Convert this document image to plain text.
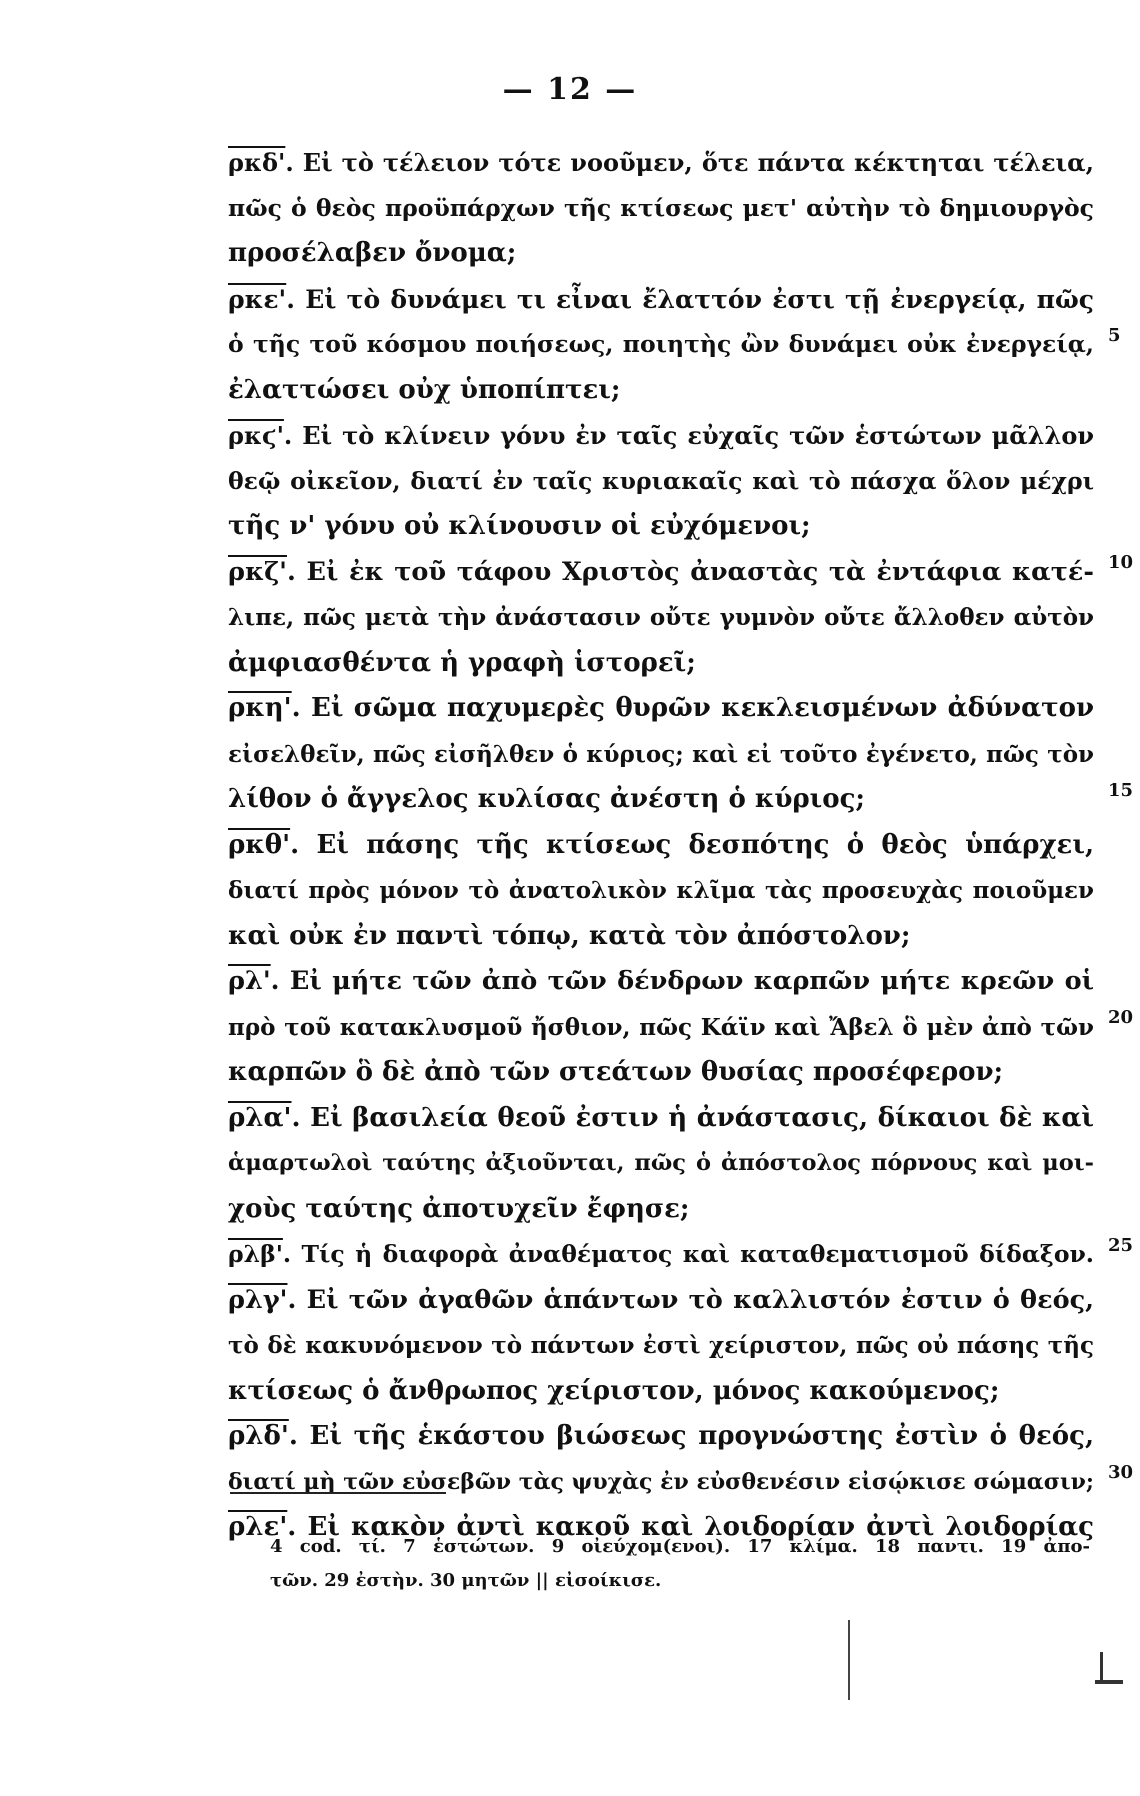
— 12 —
ρκδ'. Εἰ τὸ τέλειον τότε νοοῦμεν, ὅτε πάντα κέκτηται τέλεια,
πῶς ὁ θεὸς προϋπάρχων τῆς κτίσεως μετ' αὐτὴν τὸ δημιουργὸς
προσέλαβεν ὄνομα;
ρκε'. Εἰ τὸ δυνάμει τι εἶναι ἔλαττόν ἐστι τῇ ἐνεργείᾳ, πῶς
ὁ τῆς τοῦ κόσμου ποιήσεως, ποιητὴς ὢν δυνάμει οὐκ ἐνεργείᾳ,
ἐλαττώσει οὐχ ὑποπίπτει;
ρκϛ'. Εἰ τὸ κλίνειν γόνυ ἐν ταῖς εὐχαῖς τῶν ἑστώτων μᾶλλον
θεῷ οἰκεῖον, διατί ἐν ταῖς κυριακαῖς καὶ τὸ πάσχα ὅλον μέχρι
τῆς ν' γόνυ οὐ κλίνουσιν οἱ εὐχόμενοι;
ρκζ'. Εἰ ἐκ τοῦ τάφου Χριστὸς ἀναστὰς τὰ ἐντάφια κατέ-
λιπε, πῶς μετὰ τὴν ἀνάστασιν οὔτε γυμνὸν οὔτε ἄλλοθεν αὐτὸν
ἀμφιασθέντα ἡ γραφὴ ἱστορεῖ;
ρκη'. Εἰ σῶμα παχυμερὲς θυρῶν κεκλεισμένων ἀδύνατον
εἰσελθεῖν, πῶς εἰσῆλθεν ὁ κύριος; καὶ εἰ τοῦτο ἐγένετο, πῶς τὸν
λίθον ὁ ἄγγελος κυλίσας ἀνέστη ὁ κύριος;
ρκθ'. Εἰ πάσης τῆς κτίσεως δεσπότης ὁ θεὸς ὑπάρχει,
διατί πρὸς μόνον τὸ ἀνατολικὸν κλῖμα τὰς προσευχὰς ποιοῦμεν
καὶ οὐκ ἐν παντὶ τόπῳ, κατὰ τὸν ἀπόστολον;
ρλ'. Εἰ μήτε τῶν ἀπὸ τῶν δένδρων καρπῶν μήτε κρεῶν οἱ
πρὸ τοῦ κατακλυσμοῦ ἤσθιον, πῶς Κάϊν καὶ Ἄβελ ὃ μὲν ἀπὸ τῶν
καρπῶν ὃ δὲ ἀπὸ τῶν στεάτων θυσίας προσέφερον;
ρλα'. Εἰ βασιλεία θεοῦ ἐστιν ἡ ἀνάστασις, δίκαιοι δὲ καὶ
ἁμαρτωλοὶ ταύτης ἀξιοῦνται, πῶς ὁ ἀπόστολος πόρνους καὶ μοι-
χοὺς ταύτης ἀποτυχεῖν ἔφησε;
ρλβ'. Τίς ἡ διαφορὰ ἀναθέματος καὶ καταθεματισμοῦ δίδαξον.
ρλγ'. Εἰ τῶν ἀγαθῶν ἁπάντων τὸ καλλιστόν ἐστιν ὁ θεός,
τὸ δὲ κακυνόμενον τὸ πάντων ἐστὶ χείριστον, πῶς οὐ πάσης τῆς
κτίσεως ὁ ἄνθρωπος χείριστον, μόνος κακούμενος;
ρλδ'. Εἰ τῆς ἑκάστου βιώσεως προγνώστης ἐστὶν ὁ θεός,
διατί μὴ τῶν εὐσεβῶν τὰς ψυχὰς ἐν εὐσθενέσιν εἰσῴκισε σώμασιν;
ρλε'. Εἰ κακὸν ἀντὶ κακοῦ καὶ λοιδορίαν ἀντὶ λοιδορίας
5
10
15
20
25
30
4 cod. τί. 7 ἑστώτων. 9 οἰεύχομ(ενοι). 17 κλίμα. 18 παντι. 19 ἀπο-
τῶν. 29 ἐστὴν. 30 μητῶν || εἰσοίκισε.
